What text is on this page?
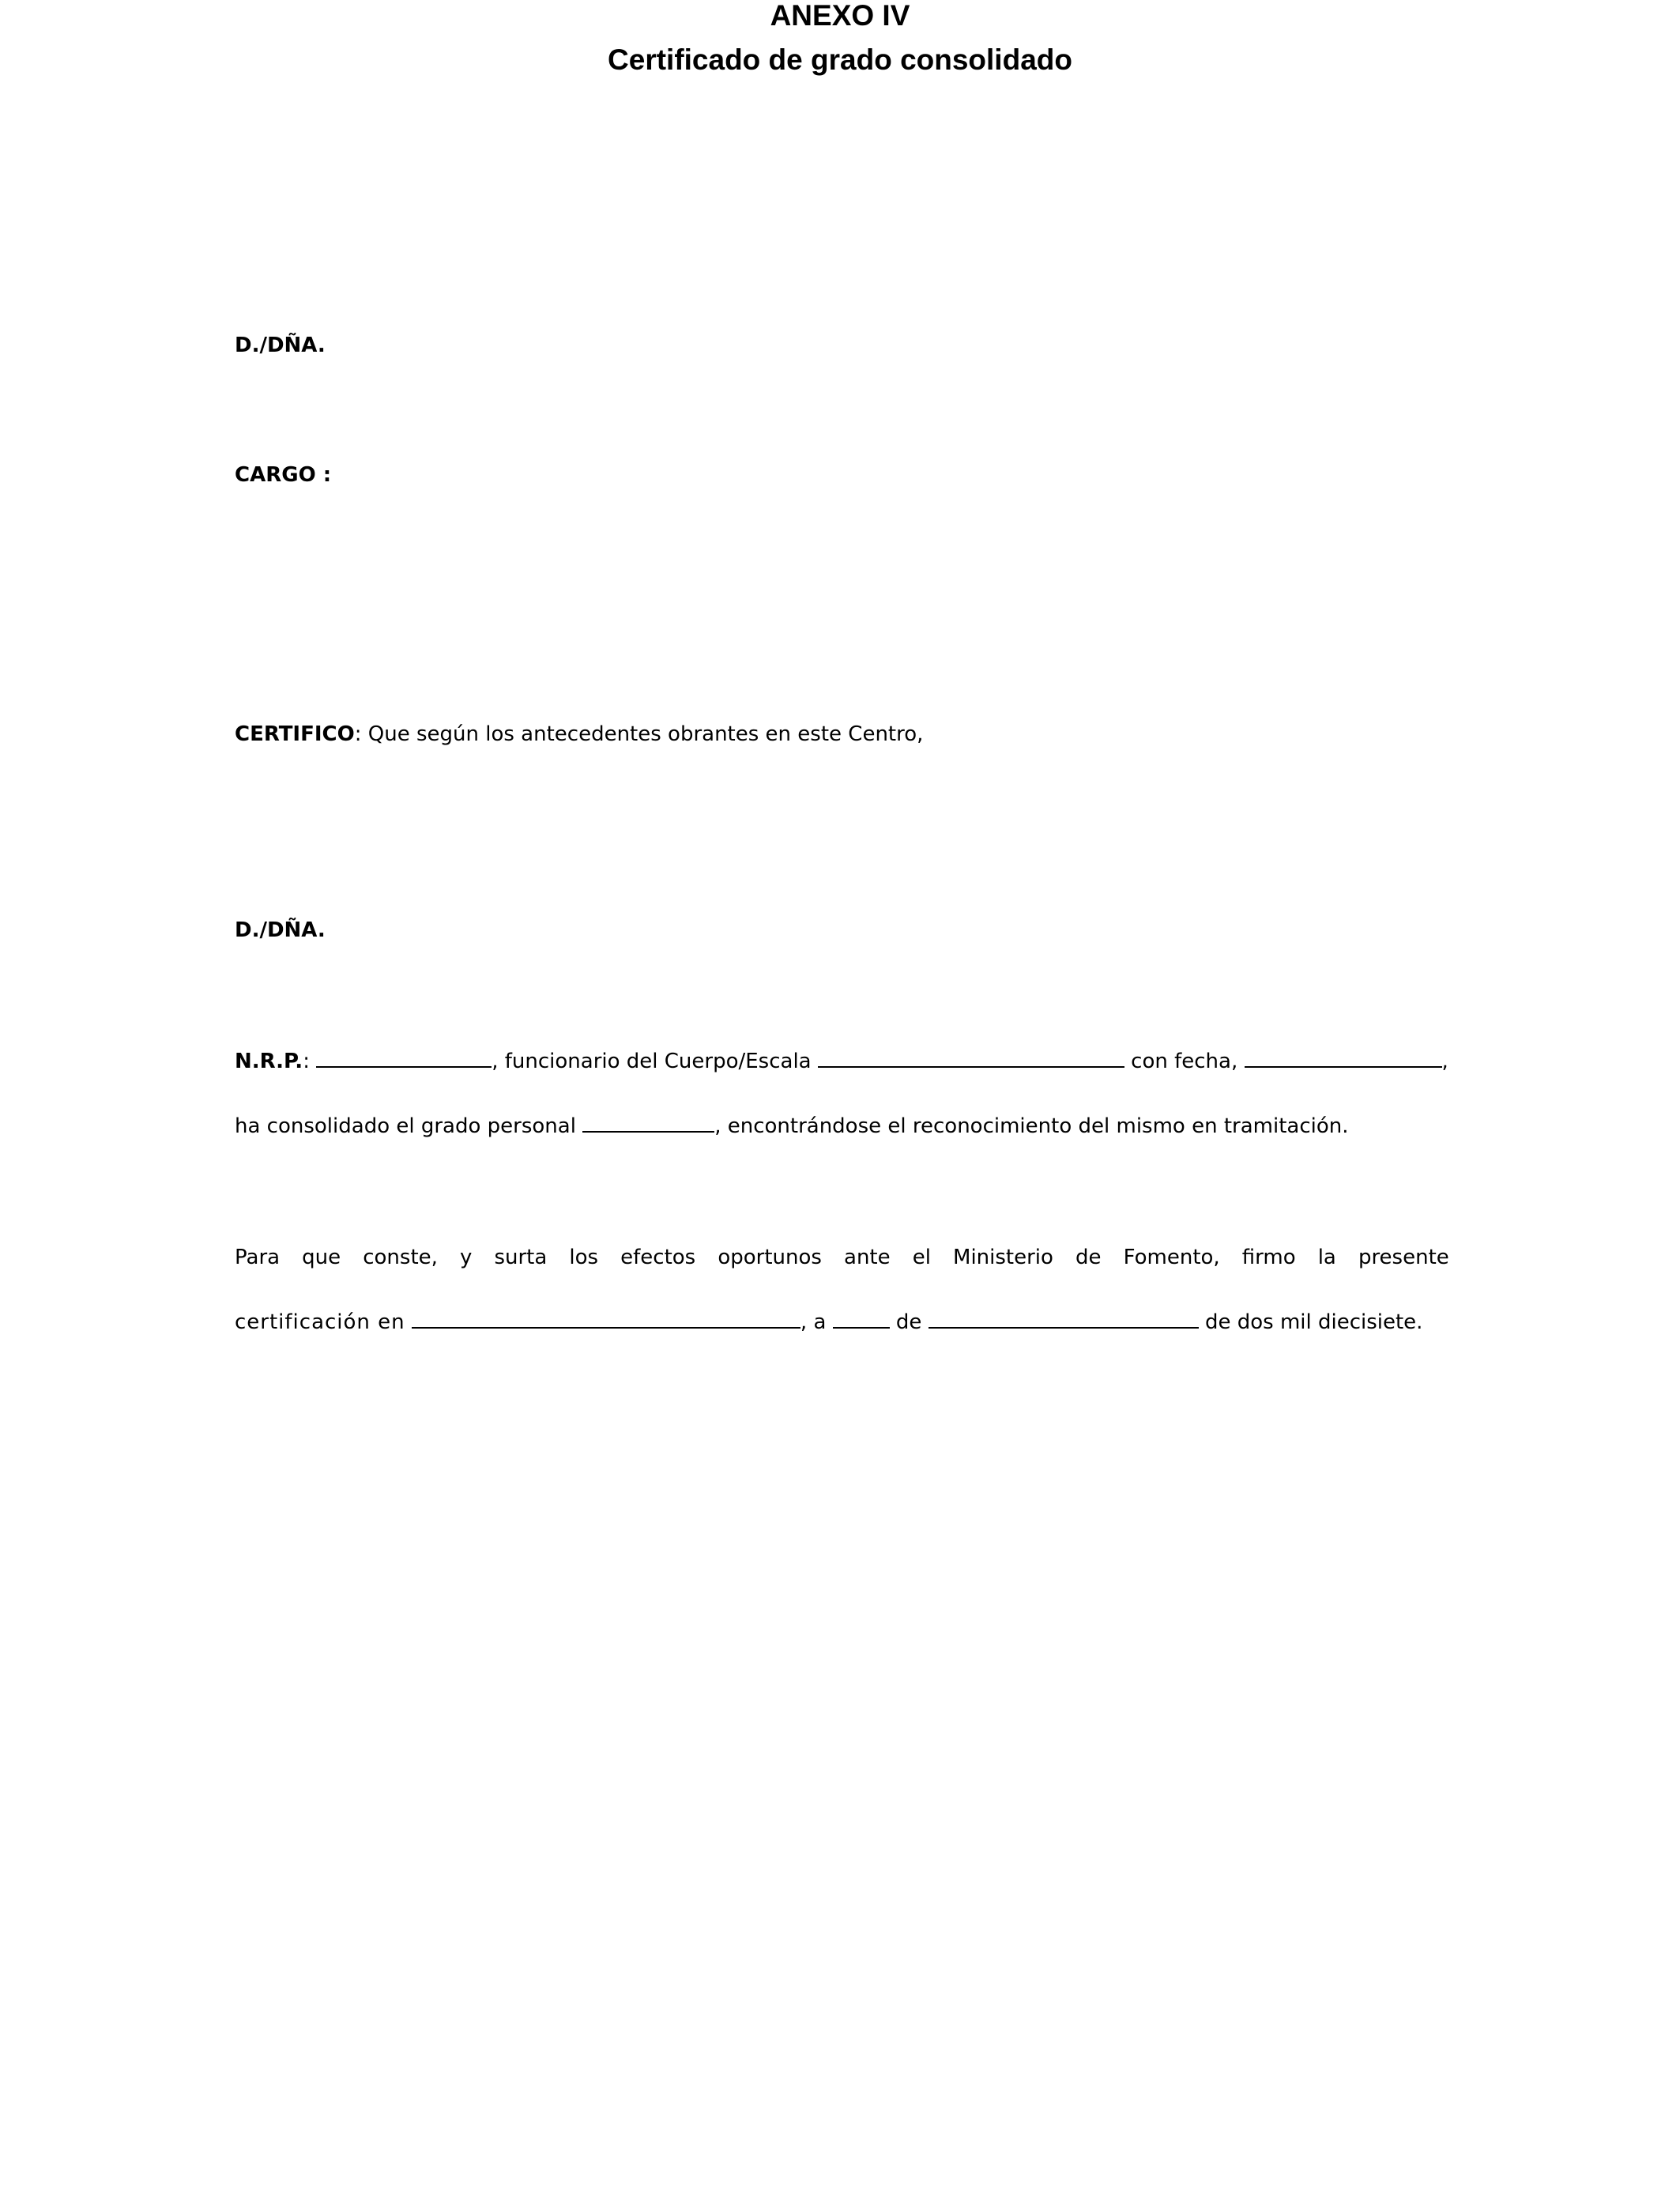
ANEXO IV
Certificado de grado consolidado

D./DÑA.

CARGO :

CERTIFICO: Que según los antecedentes obrantes en este Centro,

D./DÑA.

N.R.P.:	, funcionario del Cuerpo/Escala	con fecha,	,

ha consolidado el grado personal	, encontrándose el reconocimiento del mismo en tramitación.

Para que conste, y surta los efectos oportunos ante el Ministerio de Fomento, firmo la presente

certificación en	, a	de	de dos mil diecisiete.
